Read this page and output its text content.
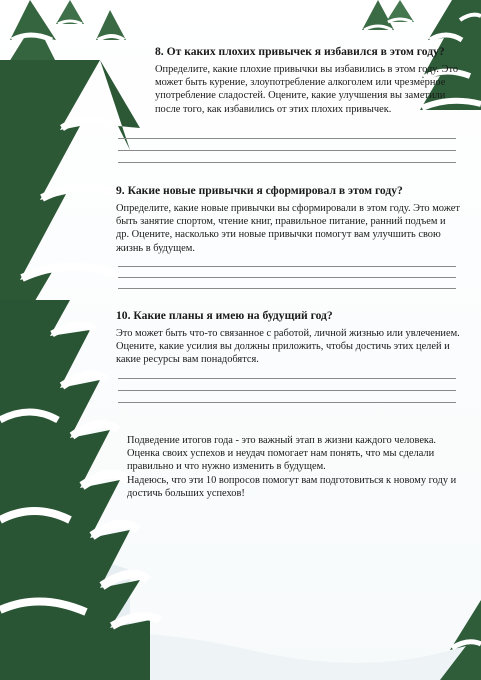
8. От каких плохих привычек я избавился в этом году?

Определите, какие плохие привычки вы избавились в этом году. Это может быть курение, злоупотребление алкоголем или чрезмерное употребление сладостей. Оцените, какие улучшения вы заметили после того, как избавились от этих плохих привычек.

9. Какие новые привычки я сформировал в этом году?

Определите, какие новые привычки вы сформировали в этом году. Это может быть занятие спортом, чтение книг, правильное питание, ранний подъем и др. Оцените, насколько эти новые привычки помогут вам улучшить свою жизнь в будущем.

10. Какие планы я имею на будущий год?

Это может быть что-то связанное с работой, личной жизнью или увлечением. Оцените, какие усилия вы должны приложить, чтобы достичь этих целей и какие ресурсы вам понадобятся.

Подведение итогов года - это важный этап в жизни каждого человека. Оценка своих успехов и неудач помогает нам понять, что мы сделали правильно и что нужно изменить в будущем.

Надеюсь, что эти 10 вопросов помогут вам подготовиться к новому году и достичь больших успехов!
